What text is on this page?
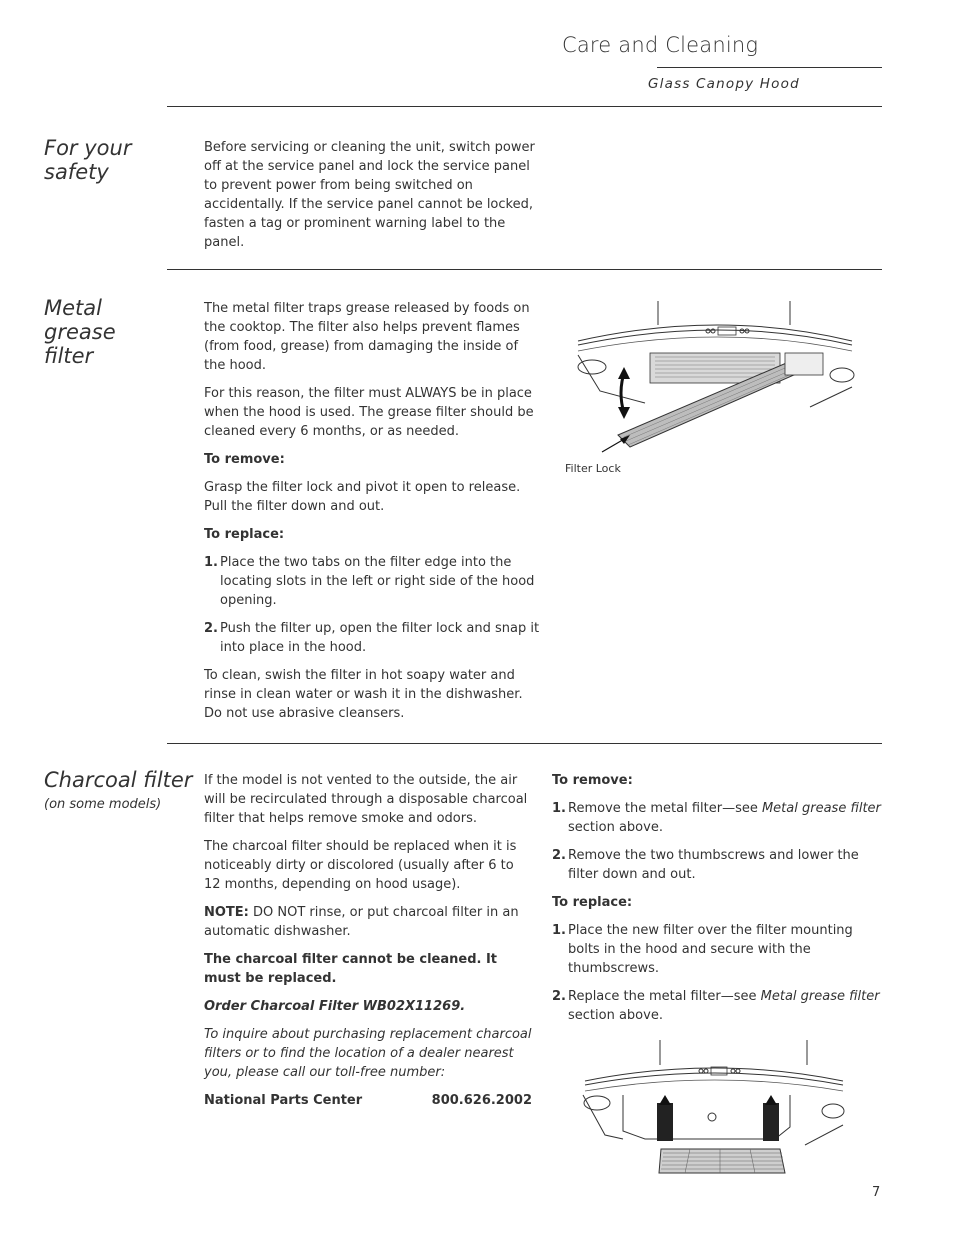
Care and Cleaning
Glass Canopy Hood
For your
safety

Before servicing or cleaning the unit, switch power off at the service panel and lock the service panel to prevent power from being switched on accidentally. If the service panel cannot be locked, fasten a tag or prominent warning label to the panel.

Metal
grease
filter

The metal filter traps grease released by foods on the cooktop. The filter also helps prevent flames (from food, grease) from damaging the inside of the hood.

For this reason, the filter must ALWAYS be in place when the hood is used. The grease filter should be cleaned every 6 months, or as needed.

To remove:

Grasp the filter lock and pivot it open to release. Pull the filter down and out.

To replace:

1. Place the two tabs on the filter edge into the locating slots in the left or right side of the hood opening.
2. Push the filter up, open the filter lock and snap it into place in the hood.

To clean, swish the filter in hot soapy water and rinse in clean water or wash it in the dishwasher. Do not use abrasive cleansers.

Filter Lock
Charcoal filter
(on some models)

If the model is not vented to the outside, the air will be recirculated through a disposable charcoal filter that helps remove smoke and odors.

The charcoal filter should be replaced when it is noticeably dirty or discolored (usually after 6 to 12 months, depending on hood usage).

NOTE: DO NOT rinse, or put charcoal filter in an automatic dishwasher.

The charcoal filter cannot be cleaned. It must be replaced.

Order Charcoal Filter WB02X11269.

To inquire about purchasing replacement charcoal filters or to find the location of a dealer nearest you, please call our toll-free number:

National Parts Center	800.626.2002

To remove:

1. Remove the metal filter—see Metal grease filter section above.
2. Remove the two thumbscrews and lower the filter down and out.

To replace:

1. Place the new filter over the filter mounting bolts in the hood and secure with the thumbscrews.
2. Replace the metal filter—see Metal grease filter section above.
7
